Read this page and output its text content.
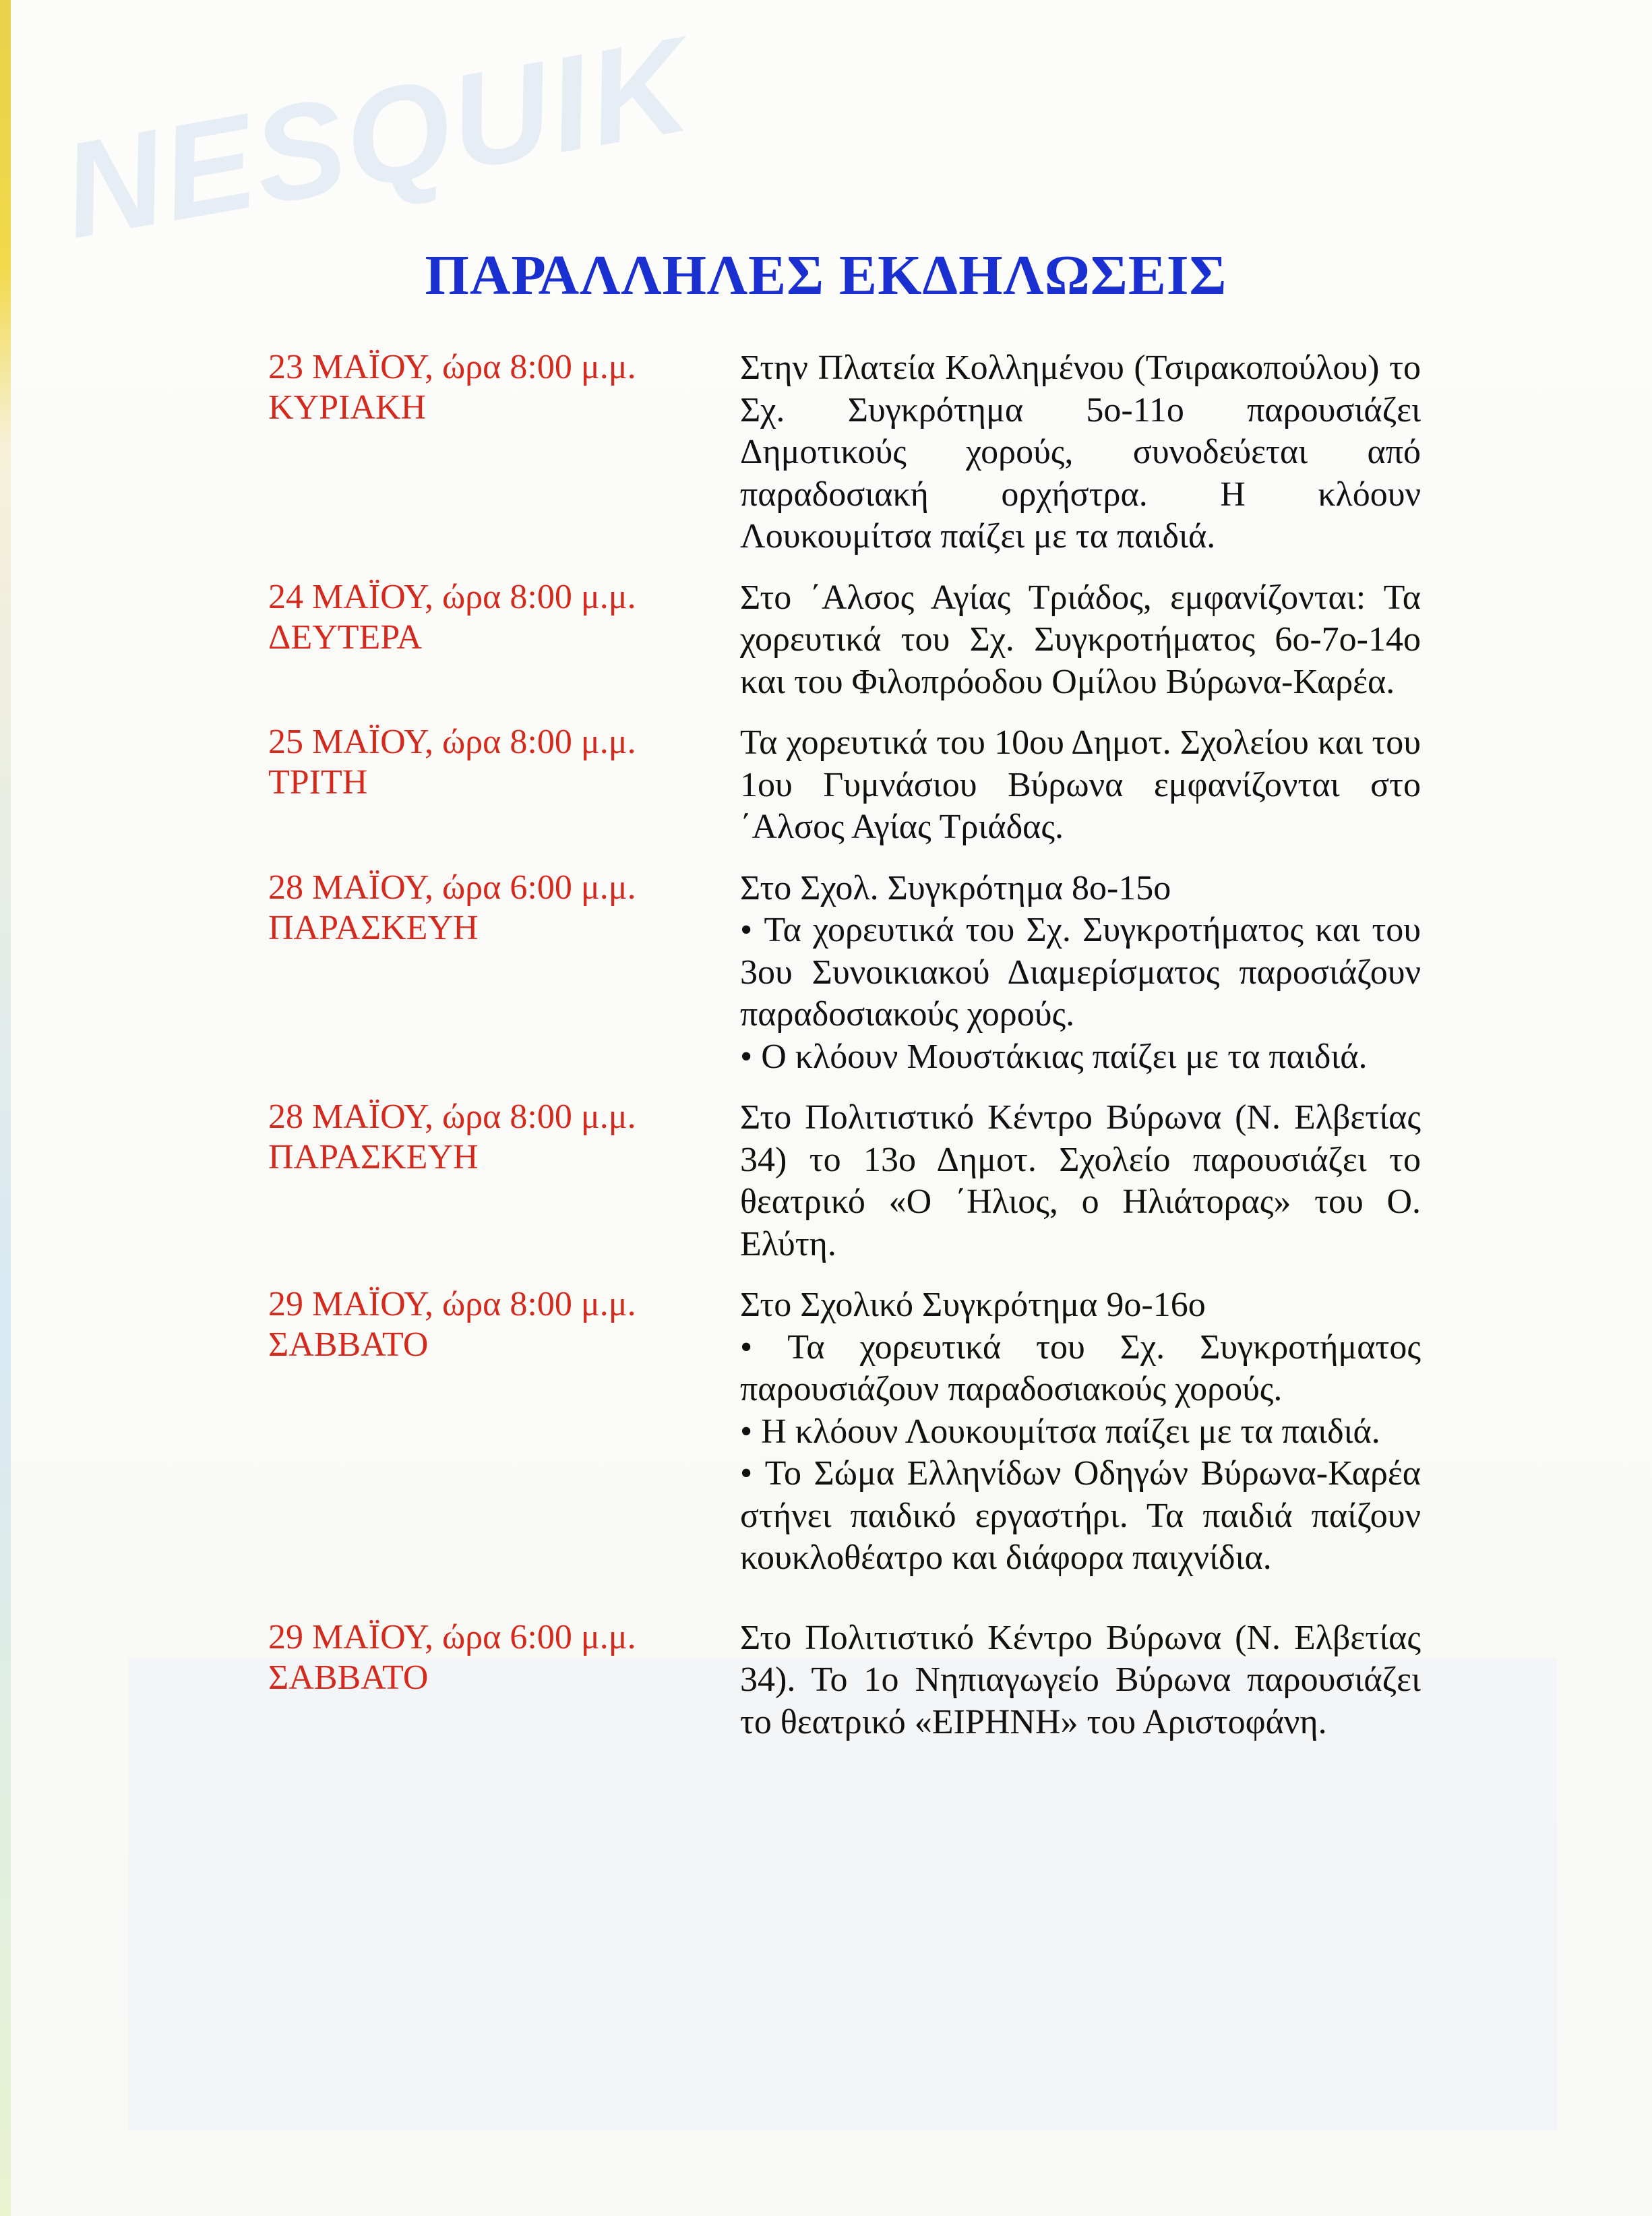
NESQUIK
ΠΑΡΑΛΛΗΛΕΣ ΕΚΔΗΛΩΣΕΙΣ
23 ΜΑΪΟΥ, ώρα 8:00 μ.μ.
ΚΥΡΙΑΚΗ

Στην Πλατεία Κολλημένου (Τσιρακοπούλου) το Σχ. Συγκρότημα 5ο-11ο παρουσιάζει Δημοτικούς χορούς, συνοδεύεται από παραδοσιακή ορχήστρα. Η κλόουν Λουκουμίτσα παίζει με τα παιδιά.

24 ΜΑΪΟΥ, ώρα 8:00 μ.μ.
ΔΕΥΤΕΡΑ

Στο ΄Αλσος Αγίας Τριάδος, εμφανίζονται: Τα χορευτικά του Σχ. Συγκροτήματος 6ο-7ο-14ο και του Φιλοπρόοδου Ομίλου Βύρωνα-Καρέα.

25 ΜΑΪΟΥ, ώρα 8:00 μ.μ.
ΤΡΙΤΗ

Τα χορευτικά του 10ου Δημοτ. Σχολείου και του 1ου Γυμνάσιου Βύρωνα εμφανίζονται στο ΄Αλσος Αγίας Τριάδας.

28 ΜΑΪΟΥ, ώρα 6:00 μ.μ.
ΠΑΡΑΣΚΕΥΗ

Στο Σχολ. Συγκρότημα 8ο-15ο

• Τα χορευτικά του Σχ. Συγκροτήματος και του 3ου Συνοικιακού Διαμερίσματος παροσιάζουν παραδοσιακούς χορούς.

• Ο κλόουν Μουστάκιας παίζει με τα παιδιά.

28 ΜΑΪΟΥ, ώρα 8:00 μ.μ.
ΠΑΡΑΣΚΕΥΗ

Στο Πολιτιστικό Κέντρο Βύρωνα (Ν. Ελβετίας 34) το 13ο Δημοτ. Σχολείο παρουσιάζει το θεατρικό «Ο ΄Ηλιος, ο Ηλιάτορας» του Ο. Ελύτη.

29 ΜΑΪΟΥ, ώρα 8:00 μ.μ.
ΣΑΒΒΑΤΟ

Στο Σχολικό Συγκρότημα 9ο-16ο

• Τα χορευτικά του Σχ. Συγκροτήματος παρουσιάζουν παραδοσιακούς χορούς.

• Η κλόουν Λουκουμίτσα παίζει με τα παιδιά.

• Το Σώμα Ελληνίδων Οδηγών Βύρωνα-Καρέα στήνει παιδικό εργαστήρι. Τα παιδιά παίζουν κουκλοθέατρο και διάφορα παιχνίδια.

29 ΜΑΪΟΥ, ώρα 6:00 μ.μ.
ΣΑΒΒΑΤΟ

Στο Πολιτιστικό Κέντρο Βύρωνα (Ν. Ελβετίας 34). Το 1ο Νηπιαγωγείο Βύρωνα παρουσιάζει το θεατρικό «ΕΙΡΗΝΗ» του Αριστοφάνη.
